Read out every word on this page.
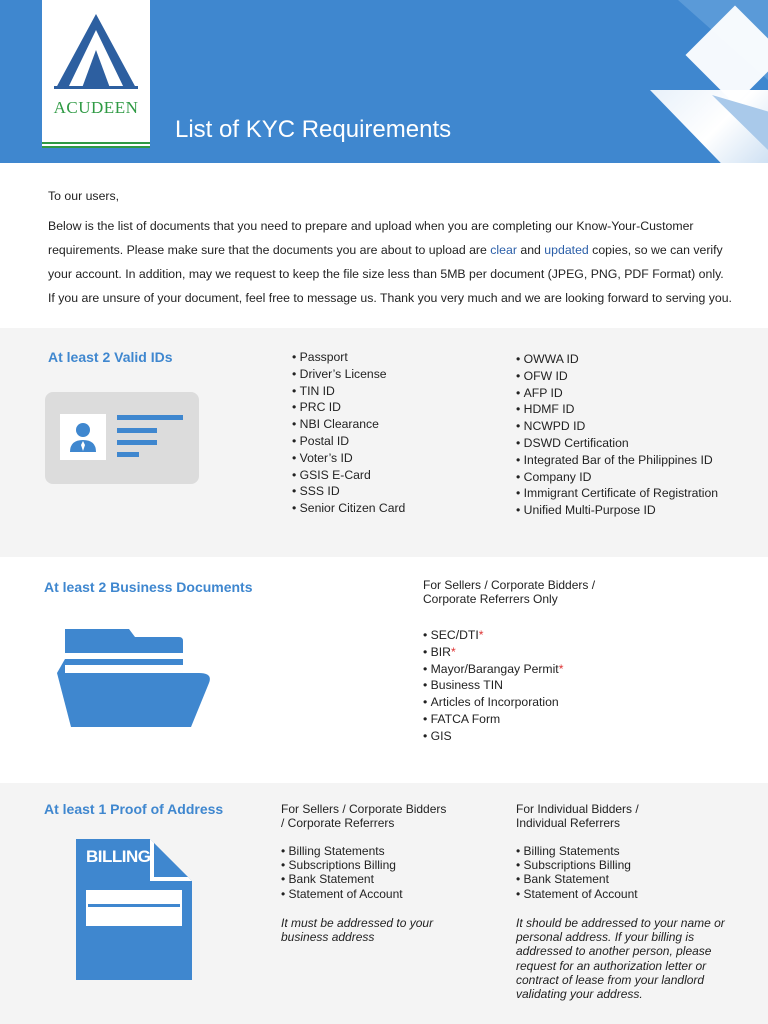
ACUDEEN
List of KYC Requirements

To our users,

Below is the list of documents that you need to prepare and upload when you are completing our Know-Your-Customer requirements. Please make sure that the documents you are about to upload are clear and updated copies, so we can verify your account. In addition, may we request to keep the file size less than 5MB per document (JPEG, PNG, PDF Format) only.

If you are unsure of your document, feel free to message us. Thank you very much and we are looking forward to serving you.

At least 2 Valid IDs
•	Passport
• Driver’s License
• TIN ID
• PRC ID
• NBI Clearance
• Postal ID
• Voter’s ID
• GSIS E-Card
• SSS ID
• Senior Citizen Card
• OWWA ID
• OFW ID
• AFP ID
• HDMF ID
• NCWPD ID
• DSWD Certification
• Integrated Bar of the Philippines ID
• Company ID
• Immigrant Certificate of Registration
• Unified Multi-Purpose ID
At least 2 Business Documents	For Sellers / Corporate Bidders /
Corporate Referrers Only
• SEC/DTI*
• BIR*
• Mayor/Barangay Permit*
• Business TIN
• Articles of Incorporation
• FATCA Form
• GIS
At least 1 Proof of Address
BILLING
For Sellers / Corporate Bidders
/ Corporate Referrers
• Billing Statements
• Subscriptions Billing
• Bank Statement
• Statement of Account
It must be addressed to your
business address
For Individual Bidders /
Individual Referrers
• Billing Statements
• Subscriptions Billing
• Bank Statement
• Statement of Account
It should be addressed to your name or
personal address. If your billing is
addressed to another person, please
request for an authorization letter or
contract of lease from your landlord
validating your address.
